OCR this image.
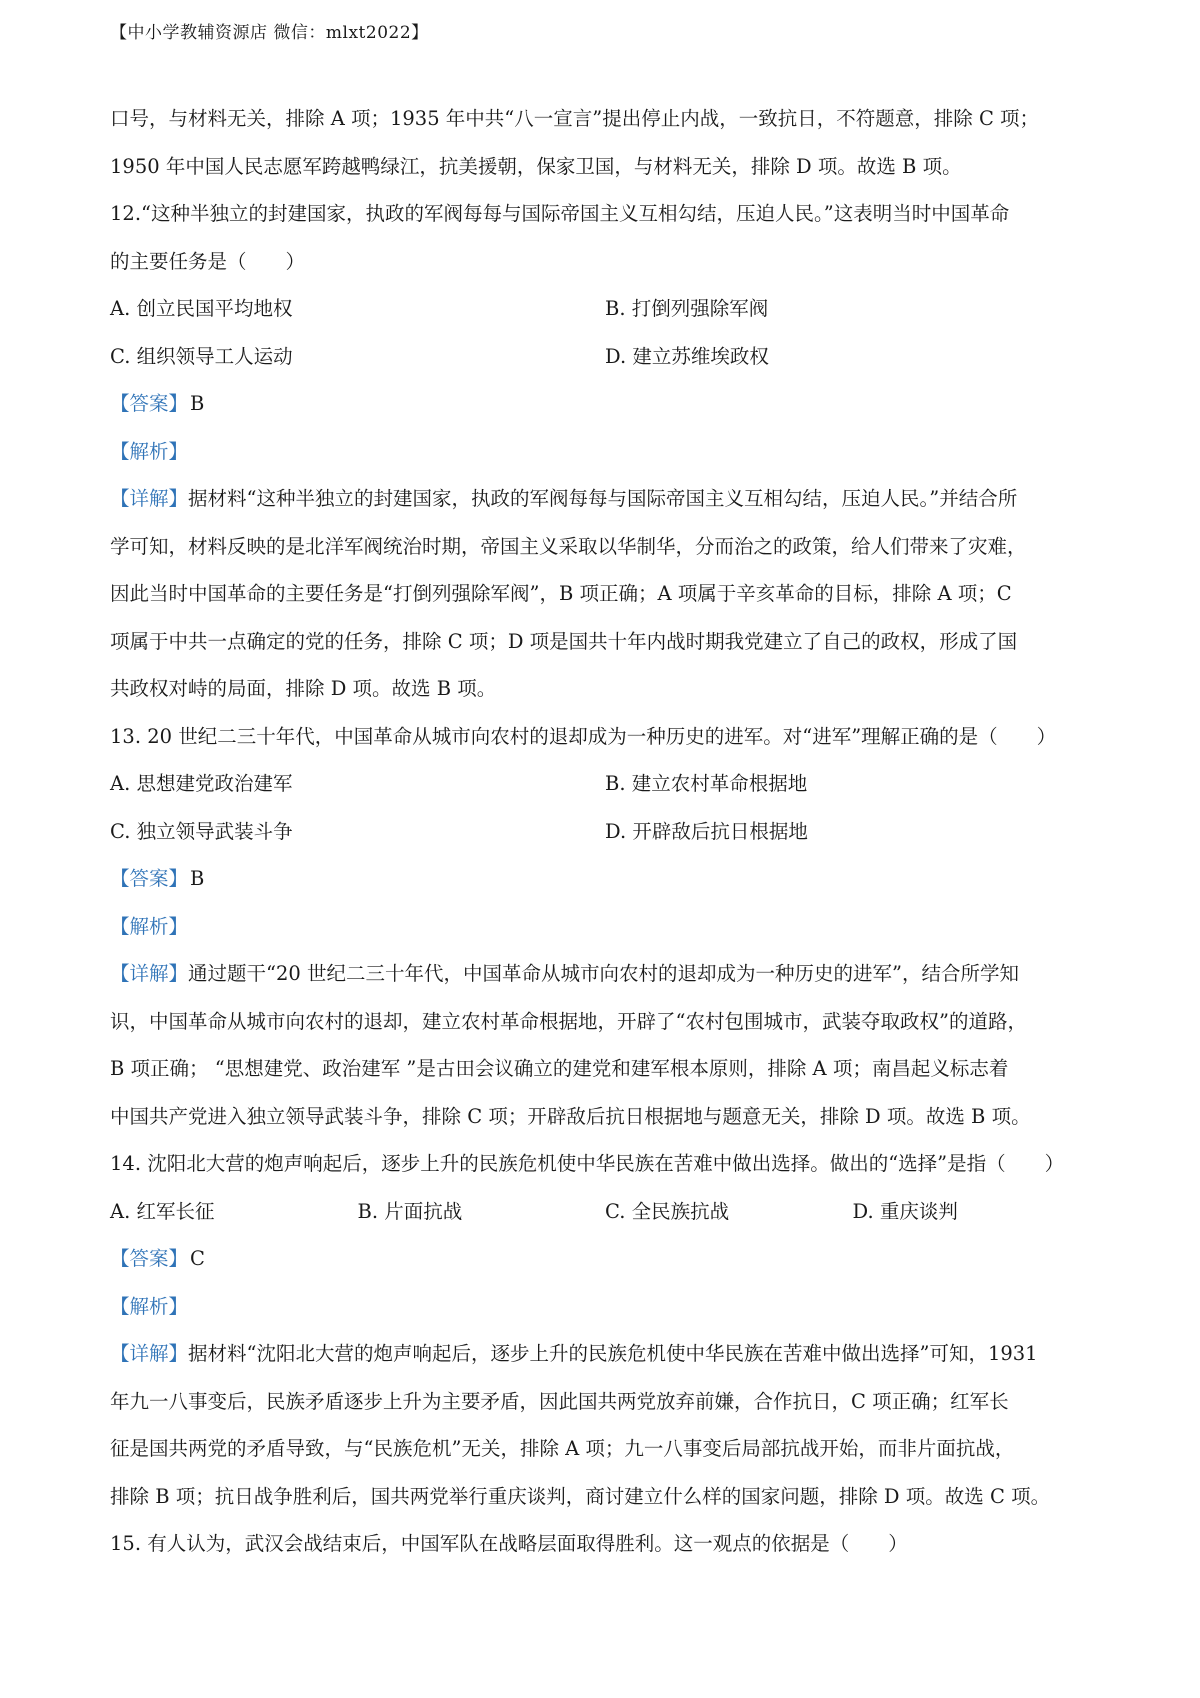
【中小学教辅资源店 微信：mlxt2022】

口号，与材料无关，排除 A 项；1935 年中共“八一宣言”提出停止内战，一致抗日，不符题意，排除 C 项；

1950 年中国人民志愿军跨越鸭绿江，抗美援朝，保家卫国，与材料无关，排除 D 项。故选 B 项。

12.“这种半独立的封建国家，执政的军阀每每与国际帝国主义互相勾结，压迫人民。”这表明当时中国革命

的主要任务是（　　）

A. 创立民国平均地权	B. 打倒列强除军阀
C. 组织领导工人运动	D. 建立苏维埃政权

【答案】 B

【解析】

【详解】据材料“这种半独立的封建国家，执政的军阀每每与国际帝国主义互相勾结，压迫人民。”并结合所

学可知，材料反映的是北洋军阀统治时期，帝国主义采取以华制华，分而治之的政策，给人们带来了灾难，

因此当时中国革命的主要任务是“打倒列强除军阀”，B 项正确；A 项属于辛亥革命的目标，排除 A 项；C

项属于中共一点确定的党的任务，排除 C 项；D 项是国共十年内战时期我党建立了自己的政权，形成了国

共政权对峙的局面，排除 D 项。故选 B 项。

13. 20 世纪二三十年代，中国革命从城市向农村的退却成为一种历史的进军。对“进军”理解正确的是（　　）

A. 思想建党政治建军	B. 建立农村革命根据地
C. 独立领导武装斗争	D. 开辟敌后抗日根据地

【答案】 B

【解析】

【详解】通过题干“20 世纪二三十年代，中国革命从城市向农村的退却成为一种历史的进军”，结合所学知

识，中国革命从城市向农村的退却，建立农村革命根据地，开辟了“农村包围城市，武装夺取政权”的道路，

B 项正确； “思想建党、政治建军 ”是古田会议确立的建党和建军根本原则，排除 A 项；南昌起义标志着

中国共产党进入独立领导武装斗争，排除 C 项；开辟敌后抗日根据地与题意无关，排除 D 项。故选 B 项。

14. 沈阳北大营的炮声响起后，逐步上升的民族危机使中华民族在苦难中做出选择。做出的“选择”是指（　　）

A. 红军长征	B. 片面抗战	C. 全民族抗战	D. 重庆谈判

【答案】 C

【解析】

【详解】据材料“沈阳北大营的炮声响起后，逐步上升的民族危机使中华民族在苦难中做出选择”可知，1931

年九一八事变后，民族矛盾逐步上升为主要矛盾，因此国共两党放弃前嫌，合作抗日，C 项正确；红军长

征是国共两党的矛盾导致，与“民族危机”无关，排除 A 项；九一八事变后局部抗战开始，而非片面抗战，

排除 B 项；抗日战争胜利后，国共两党举行重庆谈判，商讨建立什么样的国家问题，排除 D 项。故选 C 项。

15. 有人认为，武汉会战结束后，中国军队在战略层面取得胜利。这一观点的依据是（　　）
